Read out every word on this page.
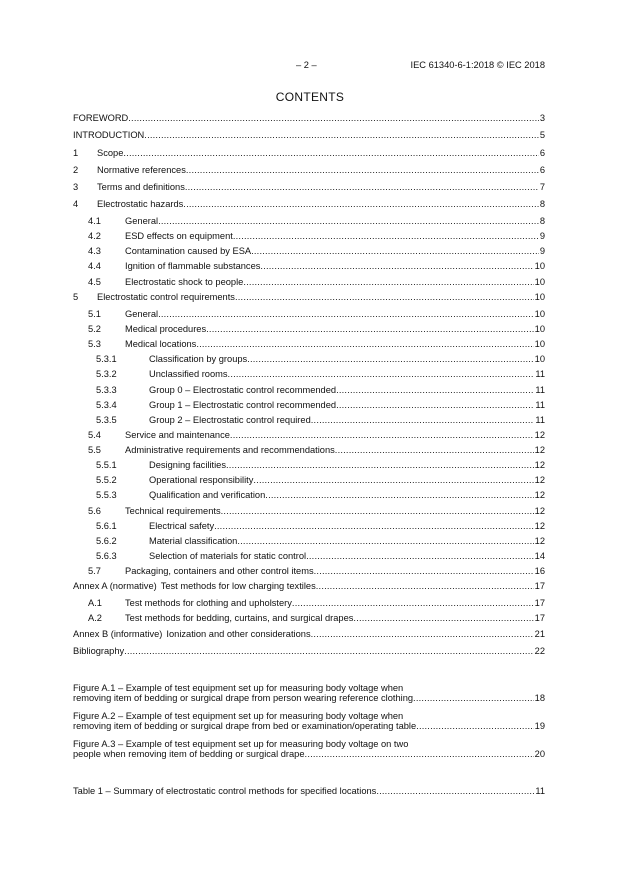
– 2 –	IEC 61340-6-1:2018 © IEC 2018
CONTENTS
FOREWORD .....	3
INTRODUCTION .....	5
1	Scope .....	6
2	Normative references .....	6
3	Terms and definitions .....	7
4	Electrostatic hazards .....	8
4.1	General .....	8
4.2	ESD effects on equipment .....	9
4.3	Contamination caused by ESA .....	9
4.4	Ignition of flammable substances .....	10
4.5	Electrostatic shock to people .....	10
5	Electrostatic control requirements .....	10
5.1	General .....	10
5.2	Medical procedures .....	10
5.3	Medical locations .....	10
5.3.1	Classification by groups .....	10
5.3.2	Unclassified rooms .....	11
5.3.3	Group 0 – Electrostatic control recommended .....	11
5.3.4	Group 1 – Electrostatic control recommended .....	11
5.3.5	Group 2 – Electrostatic control required .....	11
5.4	Service and maintenance .....	12
5.5	Administrative requirements and recommendations .....	12
5.5.1	Designing facilities .....	12
5.5.2	Operational responsibility .....	12
5.5.3	Qualification and verification .....	12
5.6	Technical requirements .....	12
5.6.1	Electrical safety .....	12
5.6.2	Material classification .....	12
5.6.3	Selection of materials for static control .....	14
5.7	Packaging, containers and other control items .....	16
Annex A (normative) Test methods for low charging textiles .....	17
A.1	Test methods for clothing and upholstery .....	17
A.2	Test methods for bedding, curtains, and surgical drapes .....	17
Annex B (informative) Ionization and other considerations .....	21
Bibliography .....	22
Figure A.1 – Example of test equipment set up for measuring body voltage when
removing item of bedding or surgical drape from person wearing reference clothing .....	18
Figure A.2 – Example of test equipment set up for measuring body voltage when
removing item of bedding or surgical drape from bed or examination/operating table .....	19
Figure A.3 – Example of test equipment set up for measuring body voltage on two
people when removing item of bedding or surgical drape .....	20
Table 1 – Summary of electrostatic control methods for specified locations .....	11
